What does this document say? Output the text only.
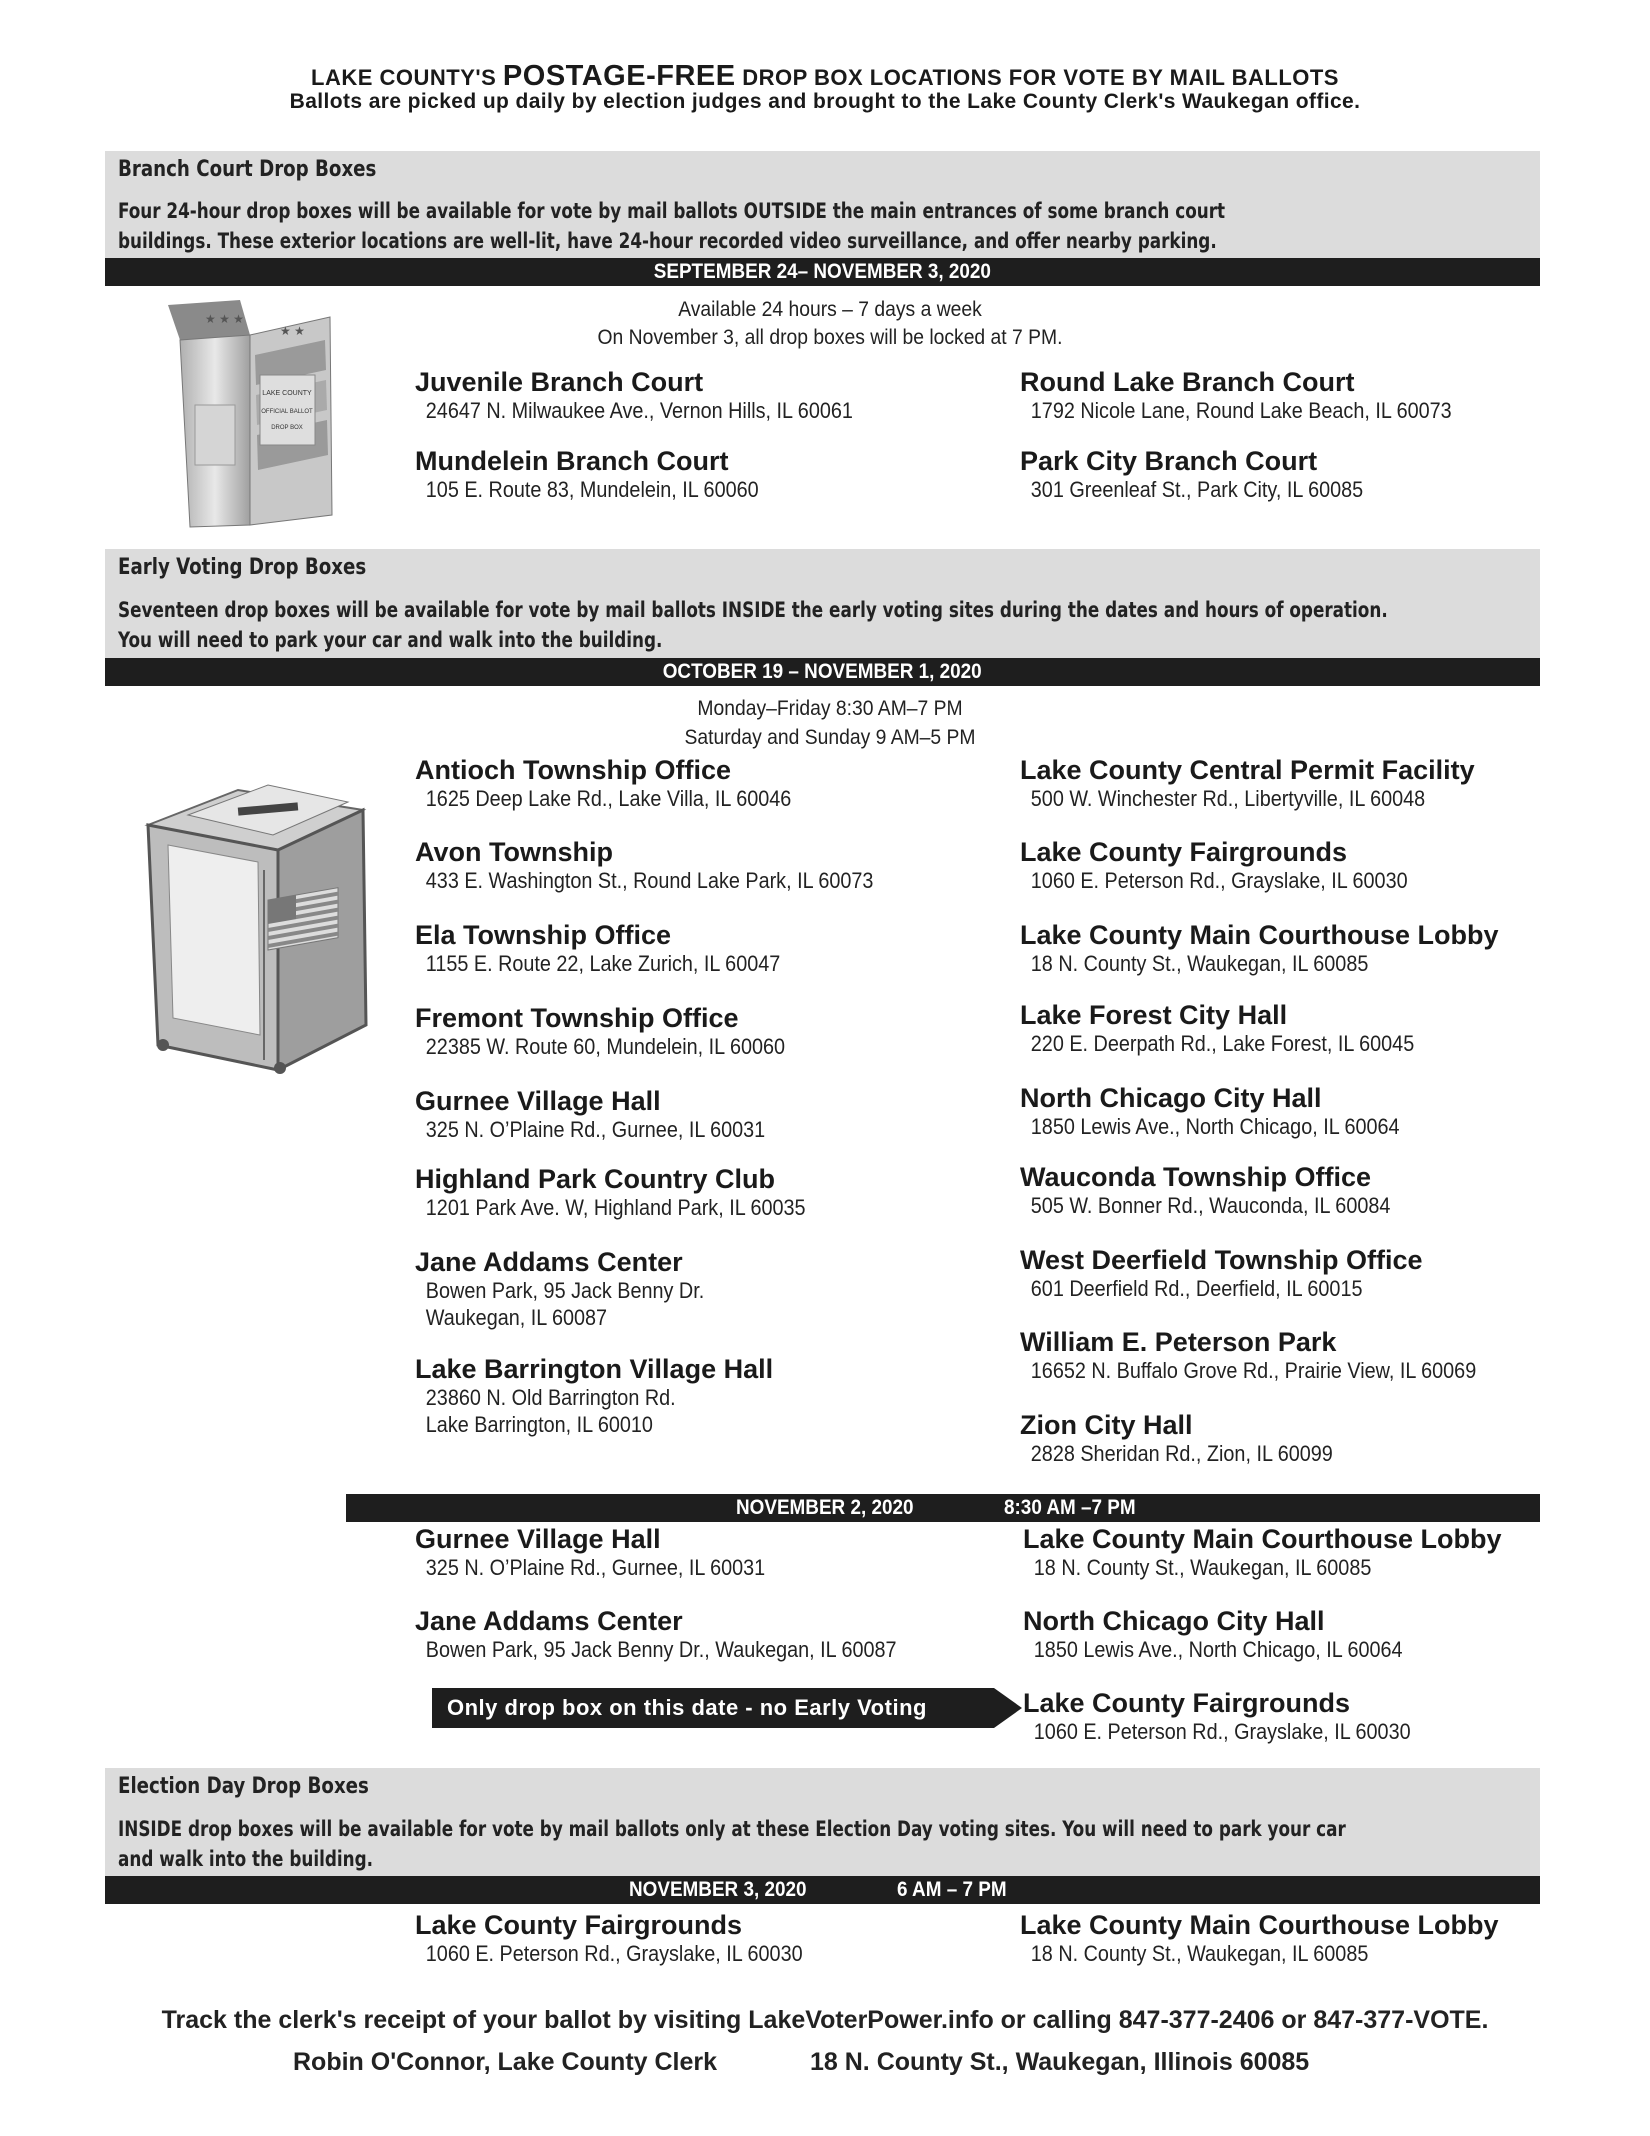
LAKE COUNTY'S POSTAGE-FREE DROP BOX LOCATIONS FOR VOTE BY MAIL BALLOTS
Ballots are picked up daily by election judges and brought to the Lake County Clerk's Waukegan office.
Branch Court Drop Boxes
Four 24-hour drop boxes will be available for vote by mail ballots OUTSIDE the main entrances of some branch court
buildings. These exterior locations are well-lit, have 24-hour recorded video surveillance, and offer nearby parking.
SEPTEMBER 24– NOVEMBER 3, 2020
Available 24 hours – 7 days a week
On November 3, all drop boxes will be locked at 7 PM.
★ ★
★ ★ ★
LAKE COUNTY
OFFICIAL BALLOT
DROP BOX
Juvenile Branch Court
24647 N. Milwaukee Ave., Vernon Hills, IL 60061
Round Lake Branch Court
1792 Nicole Lane, Round Lake Beach, IL 60073
Mundelein Branch Court
105 E. Route 83, Mundelein, IL 60060
Park City Branch Court
301 Greenleaf St., Park City, IL 60085
Early Voting Drop Boxes
Seventeen drop boxes will be available for vote by mail ballots INSIDE the early voting sites during the dates and hours of operation.
You will need to park your car and walk into the building.
OCTOBER 19 – NOVEMBER 1, 2020
Monday–Friday 8:30 AM–7 PM
Saturday and Sunday 9 AM–5 PM
Antioch Township Office
1625 Deep Lake Rd., Lake Villa, IL 60046
Avon Township
433 E. Washington St., Round Lake Park, IL 60073
Ela Township Office
1155 E. Route 22, Lake Zurich, IL 60047
Fremont Township Office
22385 W. Route 60, Mundelein, IL 60060
Gurnee Village Hall
325 N. O’Plaine Rd., Gurnee, IL 60031
Highland Park Country Club
1201 Park Ave. W, Highland Park, IL 60035
Jane Addams Center
Bowen Park, 95 Jack Benny Dr.
Waukegan, IL 60087
Lake Barrington Village Hall
23860 N. Old Barrington Rd.
Lake Barrington, IL 60010
Lake County Central Permit Facility
500 W. Winchester Rd., Libertyville, IL 60048
Lake County Fairgrounds
1060 E. Peterson Rd., Grayslake, IL 60030
Lake County Main Courthouse Lobby
18 N. County St., Waukegan, IL 60085
Lake Forest City Hall
220 E. Deerpath Rd., Lake Forest, IL 60045
North Chicago City Hall
1850 Lewis Ave., North Chicago, IL 60064
Wauconda Township Office
505 W. Bonner Rd., Wauconda, IL 60084
West Deerfield Township Office
601 Deerfield Rd., Deerfield, IL 60015
William E. Peterson Park
16652 N. Buffalo Grove Rd., Prairie View, IL 60069
Zion City Hall
2828 Sheridan Rd., Zion, IL 60099
NOVEMBER 2, 2020	8:30 AM –7 PM
Gurnee Village Hall
325 N. O’Plaine Rd., Gurnee, IL 60031
Lake County Main Courthouse Lobby
18 N. County St., Waukegan, IL 60085
Jane Addams Center
Bowen Park, 95 Jack Benny Dr., Waukegan, IL 60087
North Chicago City Hall
1850 Lewis Ave., North Chicago, IL 60064
Only drop box on this date - no Early Voting	Lake County Fairgrounds
1060 E. Peterson Rd., Grayslake, IL 60030
Election Day Drop Boxes
INSIDE drop boxes will be available for vote by mail ballots only at these Election Day voting sites. You will need to park your car
and walk into the building.
NOVEMBER 3, 2020	6 AM – 7 PM
Lake County Fairgrounds
1060 E. Peterson Rd., Grayslake, IL 60030
Lake County Main Courthouse Lobby
18 N. County St., Waukegan, IL 60085
Track the clerk's receipt of your ballot by visiting LakeVoterPower.info or calling 847-377-2406 or 847-377-VOTE.
Robin O'Connor, Lake County Clerk	18 N. County St., Waukegan, Illinois 60085
